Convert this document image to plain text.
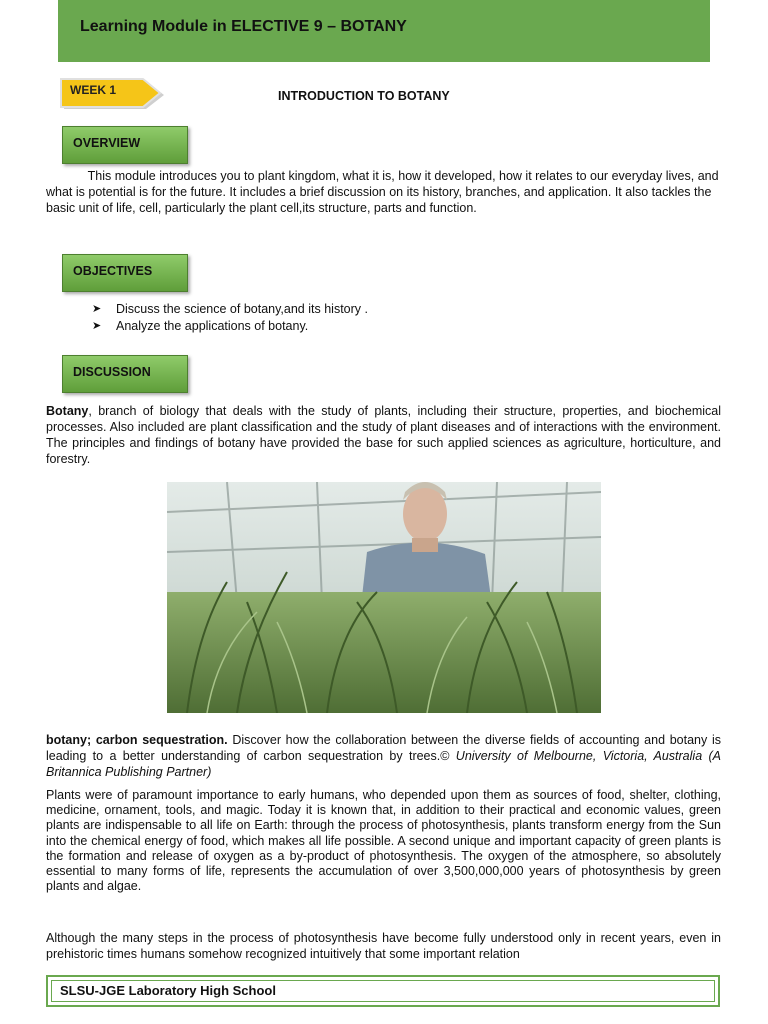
Learning Module in ELECTIVE 9 – BOTANY
WEEK 1	INTRODUCTION TO BOTANY
OVERVIEW

This module introduces you to plant kingdom, what it is, how it developed, how it relates to our everyday lives, and what is potential is for the future. It includes a brief discussion on its history, branches, and application. It also tackles the basic unit of life, cell, particularly the plant cell,its structure, parts and function.

OBJECTIVES
➤	Discuss the science of botany,and its history .
➤	Analyze the applications of botany.
DISCUSSION

Botany, branch of biology that deals with the study of plants, including their structure, properties, and biochemical processes. Also included are plant classification and the study of plant diseases and of interactions with the environment. The principles and findings of botany have provided the base for such applied sciences as agriculture, horticulture, and forestry.

botany; carbon sequestration. Discover how the collaboration between the diverse fields of accounting and botany is leading to a better understanding of carbon sequestration by trees.© University of Melbourne, Victoria, Australia (A Britannica Publishing Partner)

Plants were of paramount importance to early humans, who depended upon them as sources of food, shelter, clothing, medicine, ornament, tools, and magic. Today it is known that, in addition to their practical and economic values, green plants are indispensable to all life on Earth: through the process of photosynthesis, plants transform energy from the Sun into the chemical energy of food, which makes all life possible. A second unique and important capacity of green plants is the formation and release of oxygen as a by-product of photosynthesis. The oxygen of the atmosphere, so absolutely essential to many forms of life, represents the accumulation of over 3,500,000,000 years of photosynthesis by green plants and algae.

Although the many steps in the process of photosynthesis have become fully understood only in recent years, even in prehistoric times humans somehow recognized intuitively that some important relation

SLSU-JGE Laboratory High School
